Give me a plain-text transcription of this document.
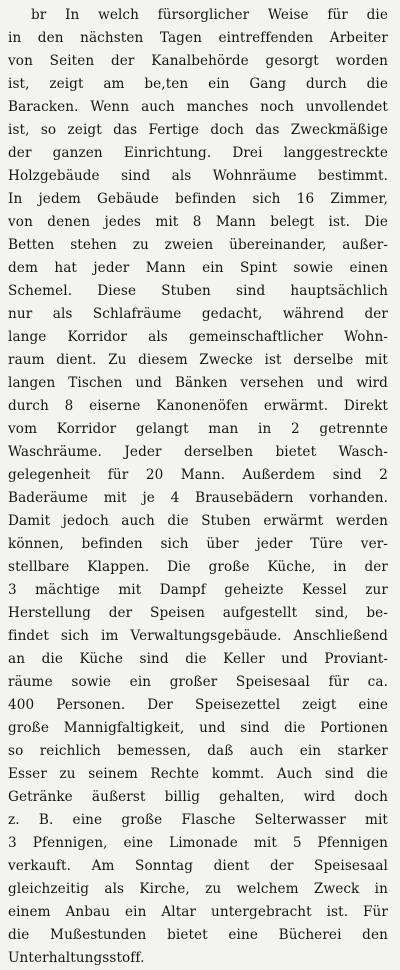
br In welch fürsorglicher Weise für die
in den nächsten Tagen eintreffenden Arbeiter
von Seiten der Kanalbehörde gesorgt worden
ist, zeigt am be,ten ein Gang durch die
Baracken. Wenn auch manches noch unvollendet
ist, so zeigt das Fertige doch das Zweckmäßige
der ganzen Einrichtung. Drei langgestreckte
Holzgebäude sind als Wohnräume bestimmt.
In jedem Gebäude befinden sich 16 Zimmer,
von denen jedes mit 8 Mann belegt ist. Die
Betten stehen zu zweien übereinander, außer-
dem hat jeder Mann ein Spint sowie einen
Schemel. Diese Stuben sind hauptsächlich
nur als Schlafräume gedacht, während der
lange Korridor als gemeinschaftlicher Wohn-
raum dient. Zu diesem Zwecke ist derselbe mit
langen Tischen und Bänken versehen und wird
durch 8 eiserne Kanonenöfen erwärmt. Direkt
vom Korridor gelangt man in 2 getrennte
Waschräume. Jeder derselben bietet Wasch-
gelegenheit für 20 Mann. Außerdem sind 2
Baderäume mit je 4 Brausebädern vorhanden.
Damit jedoch auch die Stuben erwärmt werden
können, befinden sich über jeder Türe ver-
stellbare Klappen. Die große Küche, in der
3 mächtige mit Dampf geheizte Kessel zur
Herstellung der Speisen aufgestellt sind, be-
findet sich im Verwaltungsgebäude. Anschließend
an die Küche sind die Keller und Proviant-
räume sowie ein großer Speisesaal für ca.
400 Personen. Der Speisezettel zeigt eine
große Mannigfaltigkeit, und sind die Portionen
so reichlich bemessen, daß auch ein starker
Esser zu seinem Rechte kommt. Auch sind die
Getränke äußerst billig gehalten, wird doch
z. B. eine große Flasche Selterwasser mit
3 Pfennigen, eine Limonade mit 5 Pfennigen
verkauft. Am Sonntag dient der Speisesaal
gleichzeitig als Kirche, zu welchem Zweck in
einem Anbau ein Altar untergebracht ist. Für
die Mußestunden bietet eine Bücherei den
Unterhaltungsstoff.
